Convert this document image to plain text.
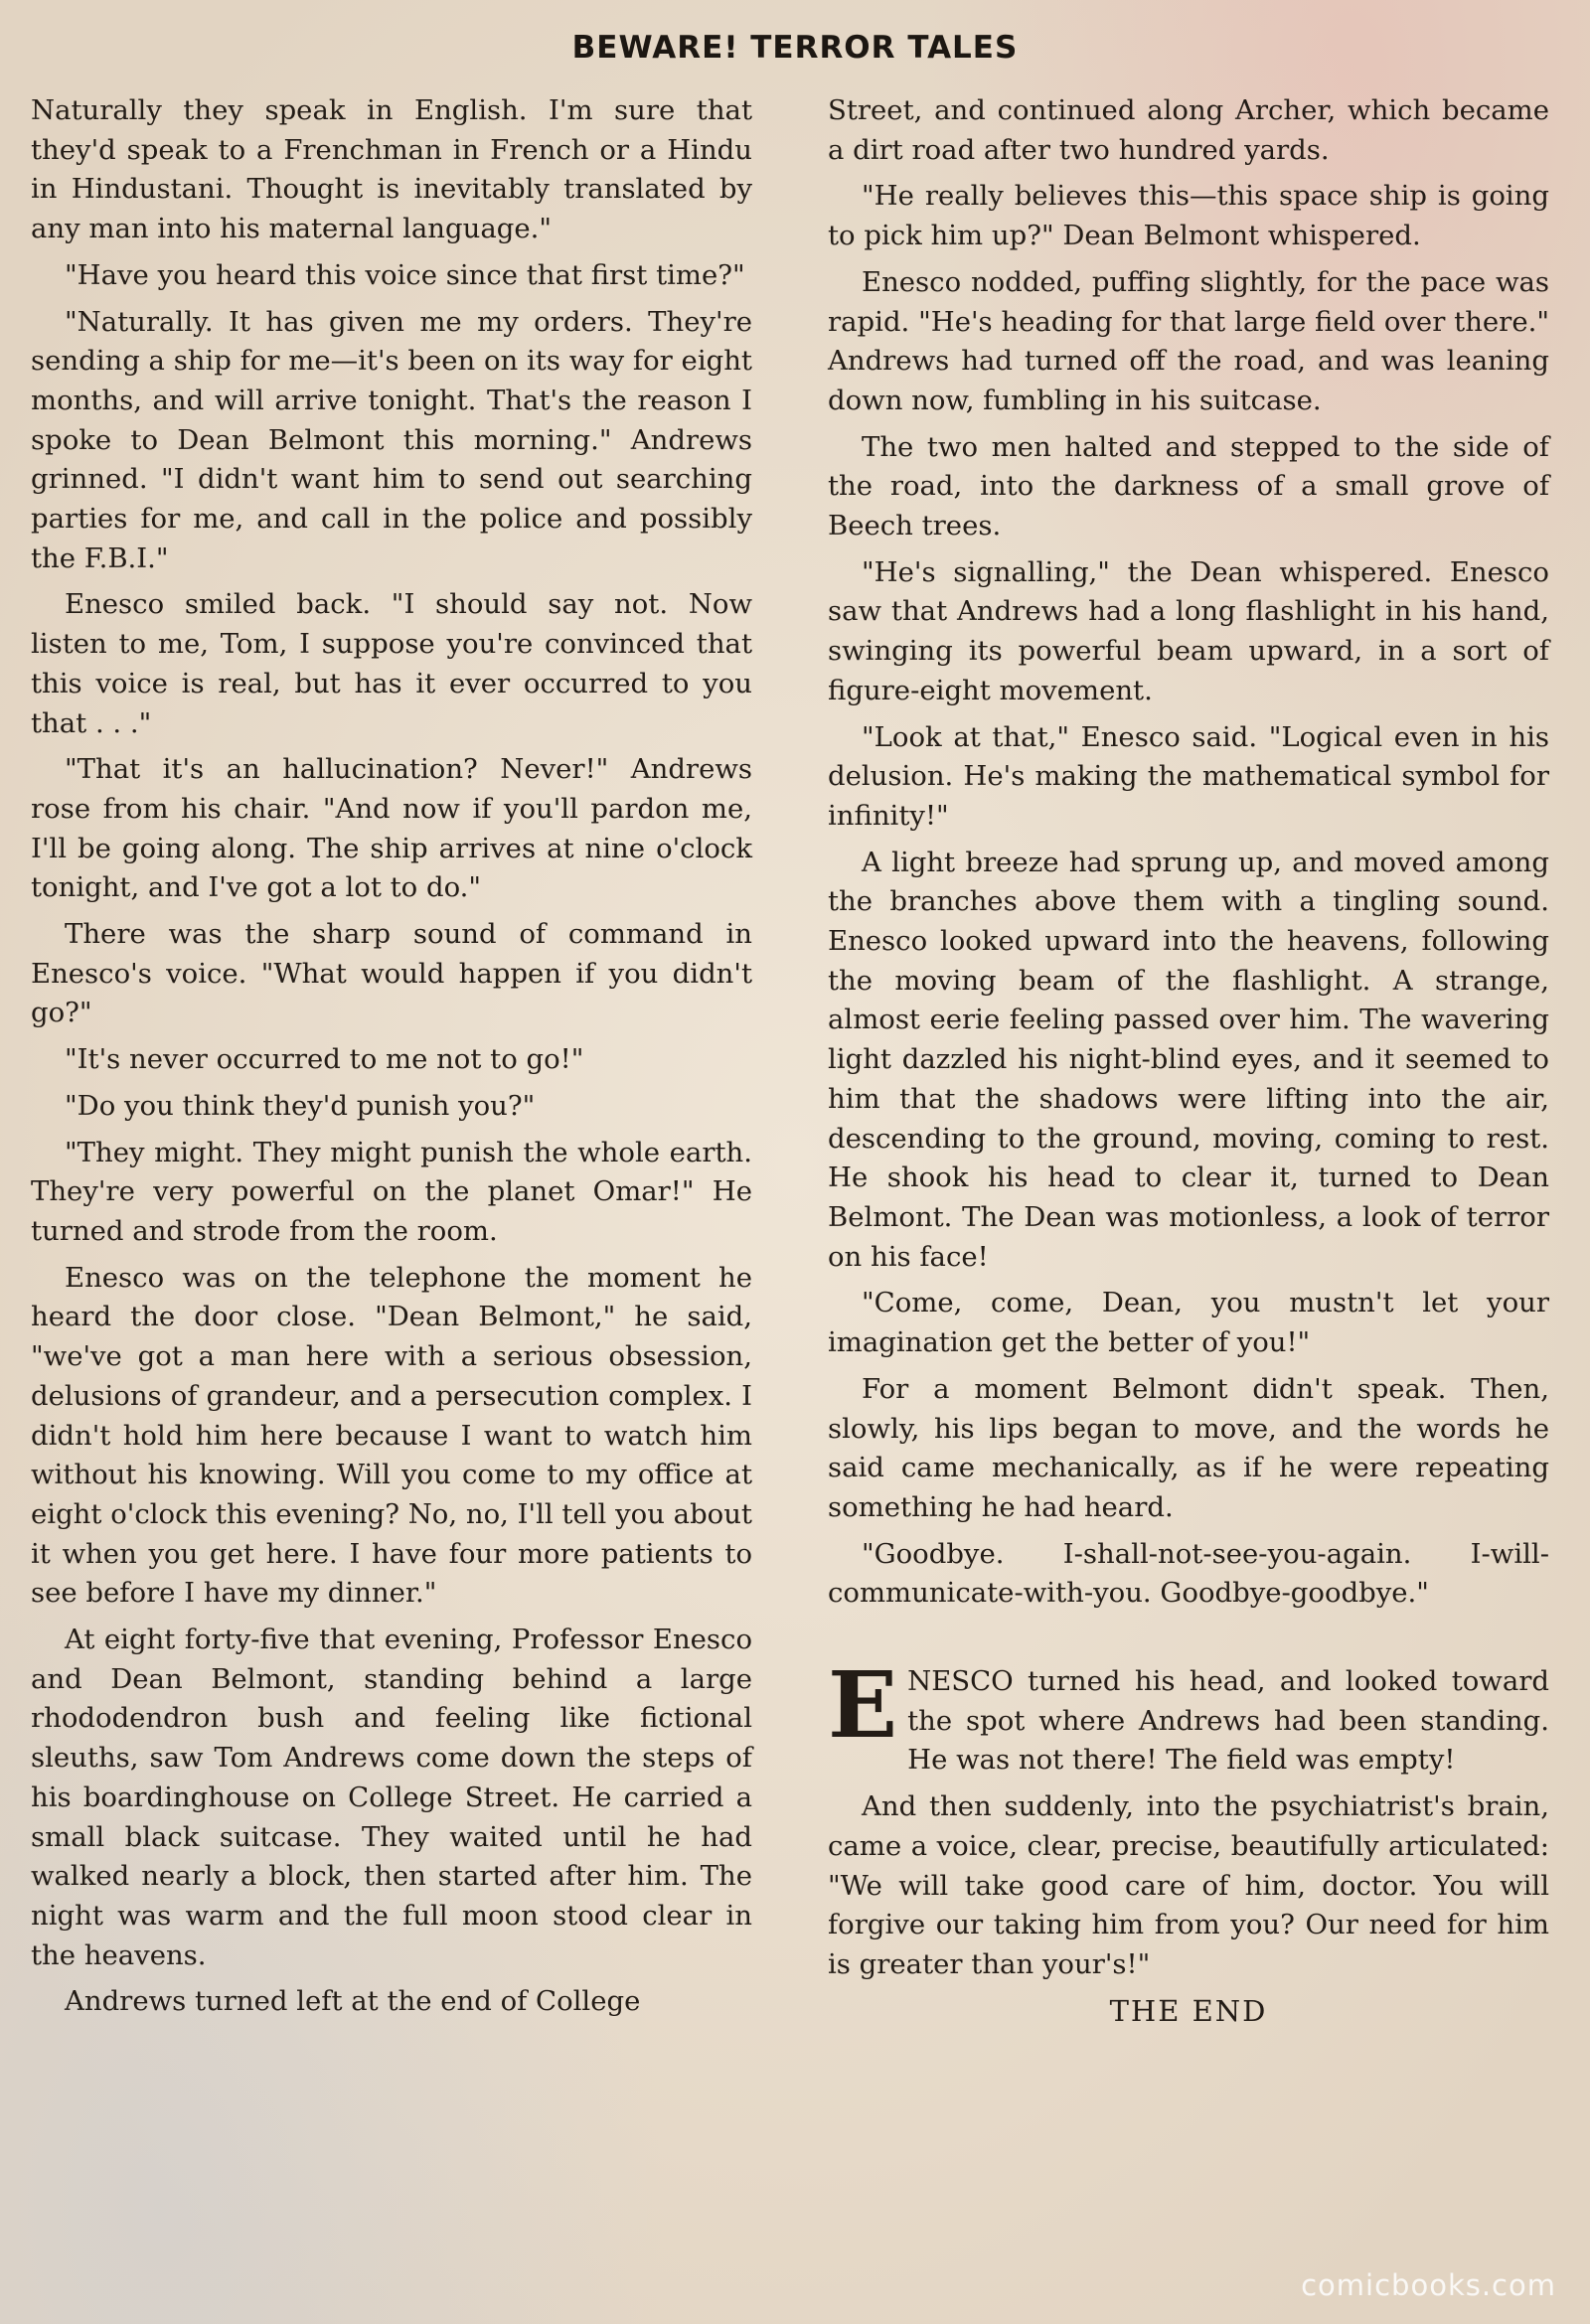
BEWARE! TERROR TALES

Naturally they speak in English. I'm sure that they'd speak to a Frenchman in French or a Hindu in Hindustani. Thought is inevitably translated by any man into his maternal language."

"Have you heard this voice since that first time?"

"Naturally. It has given me my orders. They're sending a ship for me—it's been on its way for eight months, and will arrive tonight. That's the reason I spoke to Dean Belmont this morning." Andrews grinned. "I didn't want him to send out searching parties for me, and call in the police and possibly the F.B.I."

Enesco smiled back. "I should say not. Now listen to me, Tom, I suppose you're convinced that this voice is real, but has it ever occurred to you that . . ."

"That it's an hallucination? Never!" Andrews rose from his chair. "And now if you'll pardon me, I'll be going along. The ship arrives at nine o'clock tonight, and I've got a lot to do."

There was the sharp sound of command in Enesco's voice. "What would happen if you didn't go?"

"It's never occurred to me not to go!"

"Do you think they'd punish you?"

"They might. They might punish the whole earth. They're very powerful on the planet Omar!" He turned and strode from the room.

Enesco was on the telephone the moment he heard the door close. "Dean Belmont," he said, "we've got a man here with a serious obsession, delusions of grandeur, and a persecution complex. I didn't hold him here because I want to watch him without his knowing. Will you come to my office at eight o'clock this evening? No, no, I'll tell you about it when you get here. I have four more patients to see before I have my dinner."

At eight forty-five that evening, Professor Enesco and Dean Belmont, standing behind a large rhododendron bush and feeling like fictional sleuths, saw Tom Andrews come down the steps of his boardinghouse on College Street. He carried a small black suitcase. They waited until he had walked nearly a block, then started after him. The night was warm and the full moon stood clear in the heavens.

Andrews turned left at the end of College

Street, and continued along Archer, which became a dirt road after two hundred yards.

"He really believes this—this space ship is going to pick him up?" Dean Belmont whispered.

Enesco nodded, puffing slightly, for the pace was rapid. "He's heading for that large field over there." Andrews had turned off the road, and was leaning down now, fumbling in his suitcase.

The two men halted and stepped to the side of the road, into the darkness of a small grove of Beech trees.

"He's signalling," the Dean whispered. Enesco saw that Andrews had a long flashlight in his hand, swinging its powerful beam upward, in a sort of figure-eight movement.

"Look at that," Enesco said. "Logical even in his delusion. He's making the mathematical symbol for infinity!"

A light breeze had sprung up, and moved among the branches above them with a tingling sound. Enesco looked upward into the heavens, following the moving beam of the flashlight. A strange, almost eerie feeling passed over him. The wavering light dazzled his night-blind eyes, and it seemed to him that the shadows were lifting into the air, descending to the ground, moving, coming to rest. He shook his head to clear it, turned to Dean Belmont. The Dean was motionless, a look of terror on his face!

"Come, come, Dean, you mustn't let your imagination get the better of you!"

For a moment Belmont didn't speak. Then, slowly, his lips began to move, and the words he said came mechanically, as if he were repeating something he had heard.

"Goodbye. I-shall-not-see-you-again. I-will-communicate-with-you. Goodbye-goodbye."

ENESCO turned his head, and looked toward the spot where Andrews had been standing. He was not there! The field was empty!

And then suddenly, into the psychiatrist's brain, came a voice, clear, precise, beautifully articulated: "We will take good care of him, doctor. You will forgive our taking him from you? Our need for him is greater than your's!"

THE END

comicbooks.com
